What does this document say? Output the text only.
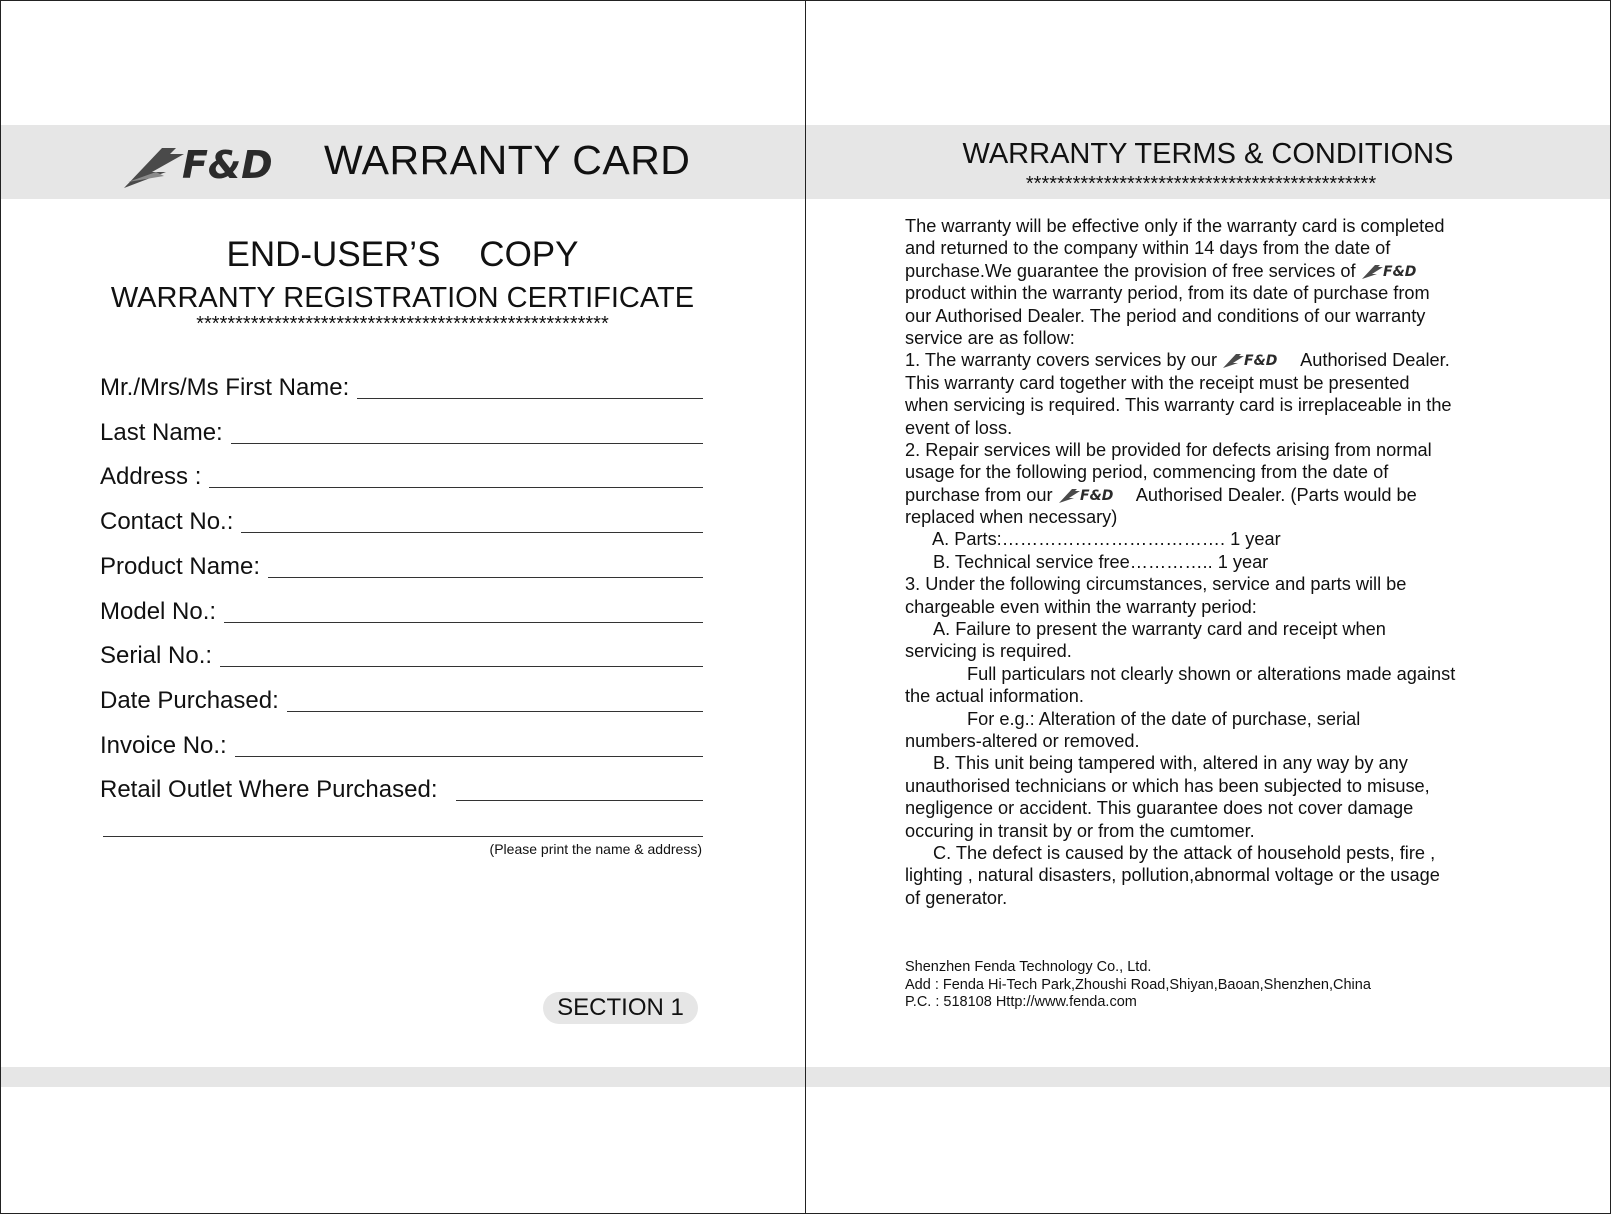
F&D WARRANTY CARD
END-USER’S    COPY
WARRANTY REGISTRATION CERTIFICATE
*****************************************************
Mr./Mrs/Ms First Name:
Last Name:
Address :
Contact No.:
Product Name:
Model No.:
Serial No.:
Date Purchased:
Invoice No.:
Retail Outlet Where Purchased:
(Please print the name & address)
SECTION 1
WARRANTY TERMS & CONDITIONS
*********************************************
The warranty will be effective only if the warranty card is completed
and returned to the company within 14 days from the date of
purchase.We guarantee the provision of free services of F&D
product within the warranty period, from its date of purchase from
our Authorised Dealer. The period and conditions of our warranty
service are as follow:
1. The warranty covers services by our F&D Authorised Dealer.
This warranty card together with the receipt must be presented
when servicing is required. This warranty card is irreplaceable in the
event of loss.
2. Repair services will be provided for defects arising from normal
usage for the following period, commencing from the date of
purchase from our F&D Authorised Dealer. (Parts would be
replaced when necessary)
A. Parts:………………………………. 1 year
B. Technical service free………….. 1 year
3. Under the following circumstances, service and parts will be
chargeable even within the warranty period:
A. Failure to present the warranty card and receipt when
servicing is required.
Full particulars not clearly shown or alterations made against
the actual information.
For e.g.: Alteration of the date of purchase, serial
numbers-altered or removed.
B. This unit being tampered with, altered in any way by any
unauthorised technicians or which has been subjected to misuse,
negligence or accident. This guarantee does not cover damage
occuring in transit by or from the cumtomer.
C. The defect is caused by the attack of household pests, fire ,
lighting , natural disasters, pollution,abnormal voltage or the usage
of generator.
Shenzhen Fenda Technology Co., Ltd.
Add : Fenda Hi-Tech Park,Zhoushi Road,Shiyan,Baoan,Shenzhen,China
P.C. : 518108 Http://www.fenda.com
